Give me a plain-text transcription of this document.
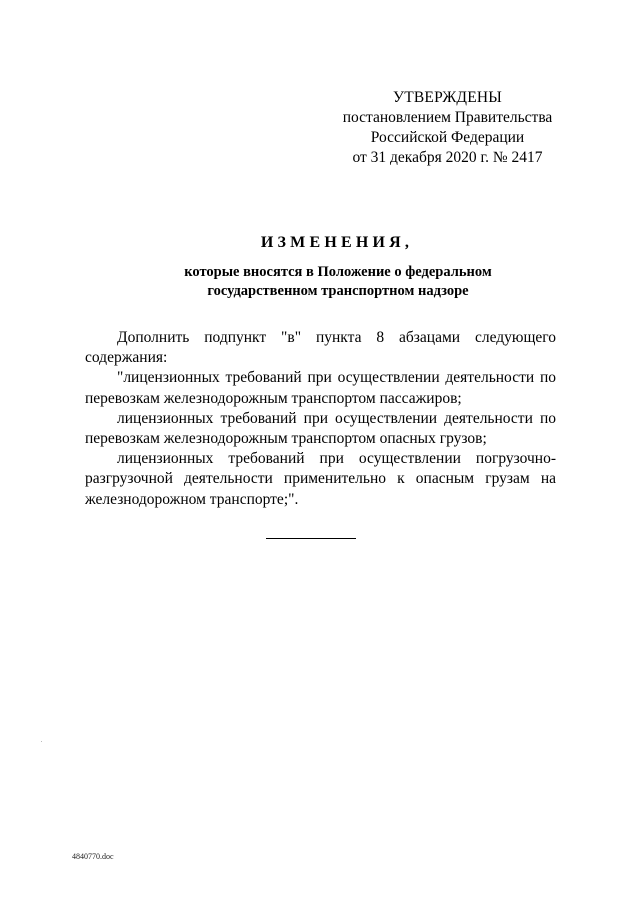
УТВЕРЖДЕНЫ
постановлением Правительства
Российской Федерации
от 31 декабря 2020 г. № 2417
ИЗМЕНЕНИЯ,
которые вносятся в Положение о федеральном
государственном транспортном надзоре

Дополнить подпункт "в" пункта 8 абзацами следующего содержания:

"лицензионных требований при осуществлении деятельности по перевозкам железнодорожным транспортом пассажиров;

лицензионных требований при осуществлении деятельности по перевозкам железнодорожным транспортом опасных грузов;

лицензионных требований при осуществлении погрузочно-разгрузочной деятельности применительно к опасным грузам на железнодорожном транспорте;".

4840770.doc
